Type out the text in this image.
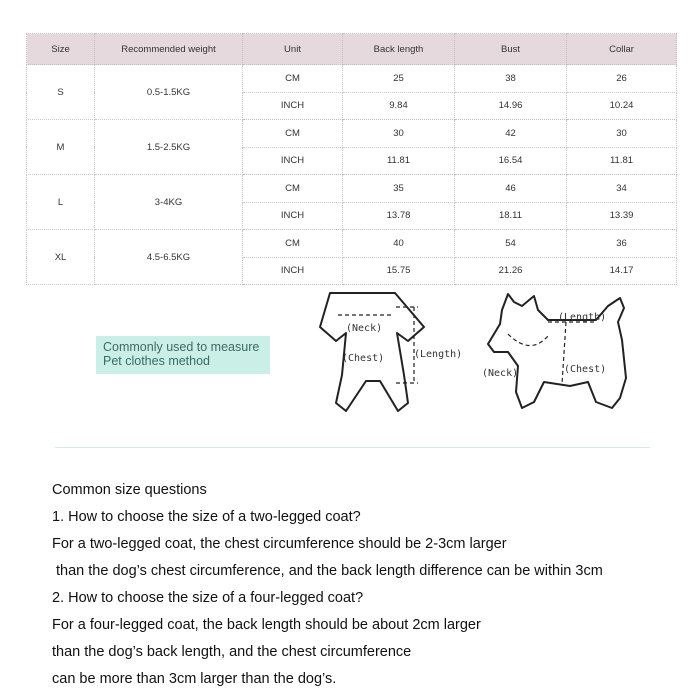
Size	Recommended weight	Unit	Back length	Bust	Collar
S	0.5-1.5KG	CM	25	38	26
		INCH	9.84	14.96	10.24
M	1.5-2.5KG	CM	30	42	30
		INCH	11.81	16.54	11.81
L	3-4KG	CM	35	46	34
		INCH	13.78	18.11	13.39
XL	4.5-6.5KG	CM	40	54	36
		INCH	15.75	21.26	14.17
Commonly used to measure
Pet clothes method
(Neck)
(Chest)	(Length)
(Length)
(Neck)	(Chest)
Common size questions
1. How to choose the size of a two-legged coat?
For a two-legged coat, the chest circumference should be 2-3cm larger
than the dog’s chest circumference, and the back length difference can be within 3cm
2. How to choose the size of a four-legged coat?
For a four-legged coat, the back length should be about 2cm larger
than the dog’s back length, and the chest circumference
can be more than 3cm larger than the dog’s.
